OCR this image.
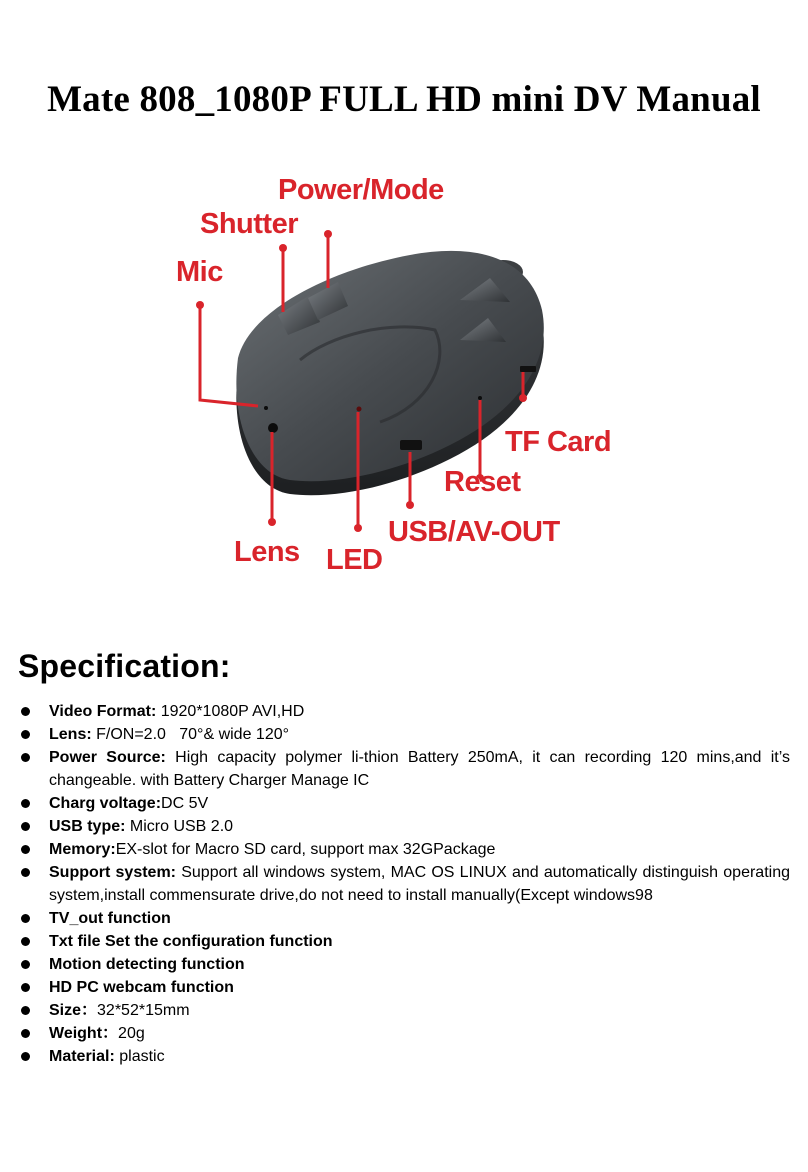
Mate 808_1080P FULL HD mini DV Manual
Power/Mode
Shutter
Mic
TF Card
Reset
USB/AV-OUT
Lens LED
Specification:
Video Format: 1920*1080P AVI,HD
Lens: F/ON=2.0   70°& wide 120°
Power Source: High capacity polymer li-thion Battery 250mA, it can recording 120 mins,and it’s changeable. with Battery Charger Manage IC
Charg voltage:DC 5V
USB type: Micro USB 2.0
Memory:EX-slot for Macro SD card, support max 32GPackage
Support system: Support all windows system, MAC OS LINUX and automatically distinguish operating system,install commensurate drive,do not need to install manually(Except windows98
TV_out function
Txt file Set the configuration function
Motion detecting function
HD PC webcam function
Size：32*52*15mm
Weight：20g
Material: plastic
